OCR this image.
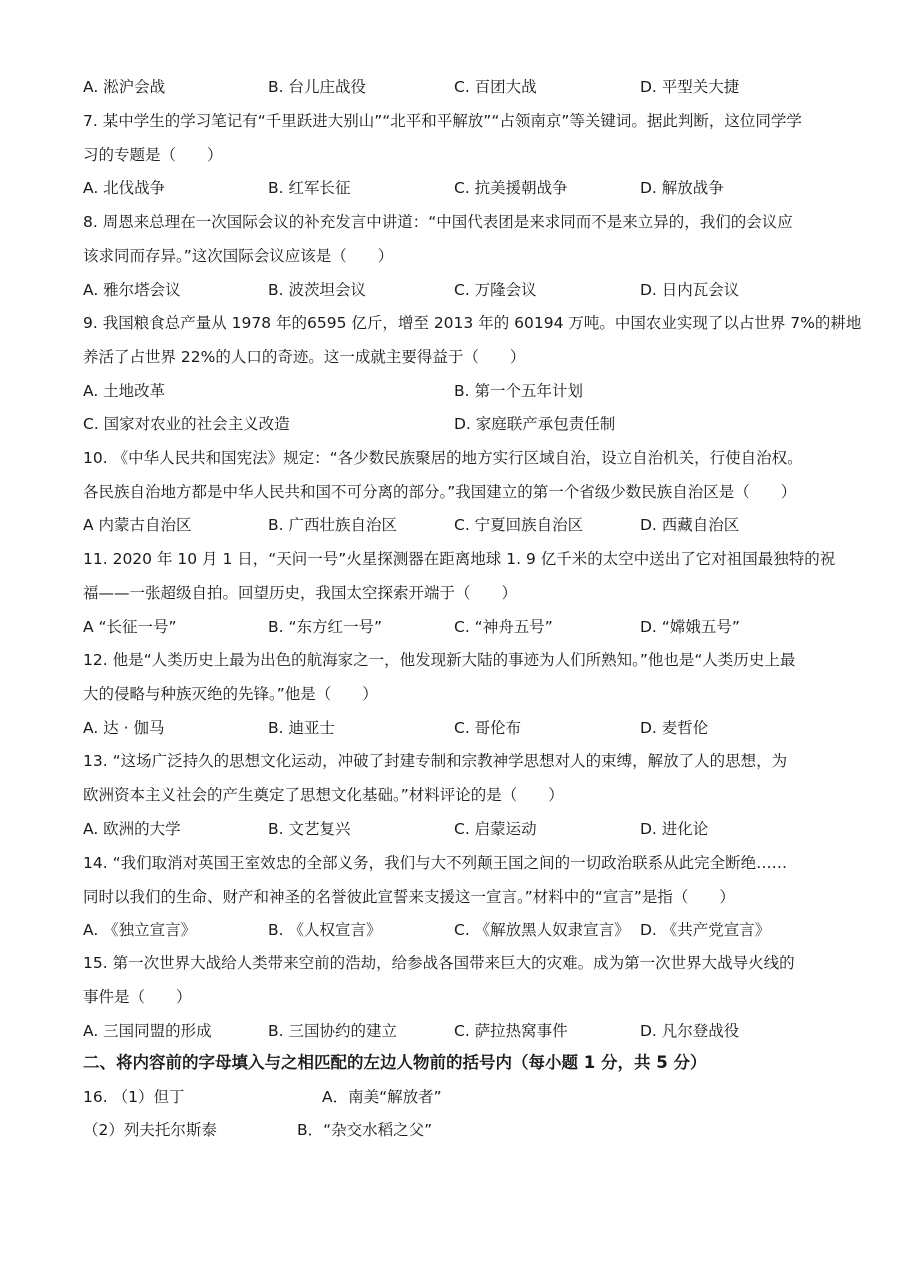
A. 淞沪会战	B. 台儿庄战役	C. 百团大战	D. 平型关大捷
7. 某中学生的学习笔记有“千里跃进大别山”“北平和平解放”“占领南京”等关键词。据此判断，这位同学学
习的专题是（　　）
A. 北伐战争	B. 红军长征	C. 抗美援朝战争	D. 解放战争
8. 周恩来总理在一次国际会议的补充发言中讲道：“中国代表团是来求同而不是来立异的，我们的会议应
该求同而存异。”这次国际会议应该是（　　）
A. 雅尔塔会议	B. 波茨坦会议	C. 万隆会议	D. 日内瓦会议
9. 我国粮食总产量从 1978 年的6595 亿斤，增至 2013 年的 60194 万吨。中国农业实现了以占世界 7%的耕地
养活了占世界 22%的人口的奇迹。这一成就主要得益于（　　）
A. 土地改革	B. 第一个五年计划
C. 国家对农业的社会主义改造	D. 家庭联产承包责任制
10. 《中华人民共和国宪法》规定：“各少数民族聚居的地方实行区域自治，设立自治机关，行使自治权。
各民族自治地方都是中华人民共和国不可分离的部分。”我国建立的第一个省级少数民族自治区是（　　）
A 内蒙古自治区	B. 广西壮族自治区	C. 宁夏回族自治区	D. 西藏自治区
11. 2020 年 10 月 1 日，“天问一号”火星探测器在距离地球 1. 9 亿千米的太空中送出了它对祖国最独特的祝
福——一张超级自拍。回望历史，我国太空探索开端于（　　）
A “长征一号”	B. “东方红一号”	C. “神舟五号”	D. “嫦娥五号”
12. 他是“人类历史上最为出色的航海家之一，他发现新大陆的事迹为人们所熟知。”他也是“人类历史上最
大的侵略与种族灭绝的先锋。”他是（　　）
A. 达 · 伽马	B. 迪亚士	C. 哥伦布	D. 麦哲伦
13. “这场广泛持久的思想文化运动，冲破了封建专制和宗教神学思想对人的束缚，解放了人的思想，为
欧洲资本主义社会的产生奠定了思想文化基础。”材料评论的是（　　）
A. 欧洲的大学	B. 文艺复兴	C. 启蒙运动	D. 进化论
14. “我们取消对英国王室效忠的全部义务，我们与大不列颠王国之间的一切政治联系从此完全断绝……
同时以我们的生命、财产和神圣的名誉彼此宣誓来支援这一宣言。”材料中的“宣言”是指（　　）
A. 《独立宣言》	B. 《人权宣言》	C. 《解放黑人奴隶宣言》 D. 《共产党宣言》
15. 第一次世界大战给人类带来空前的浩劫，给参战各国带来巨大的灾难。成为第一次世界大战导火线的
事件是（　　）
A. 三国同盟的形成	B. 三国协约的建立	C. 萨拉热窝事件	D. 凡尔登战役
二、将内容前的字母填入与之相匹配的左边人物前的括号内（每小题 1 分，共 5 分）
16. （1）但丁	A．南美“解放者”
（2）列夫托尔斯泰	B．“杂交水稻之父”
